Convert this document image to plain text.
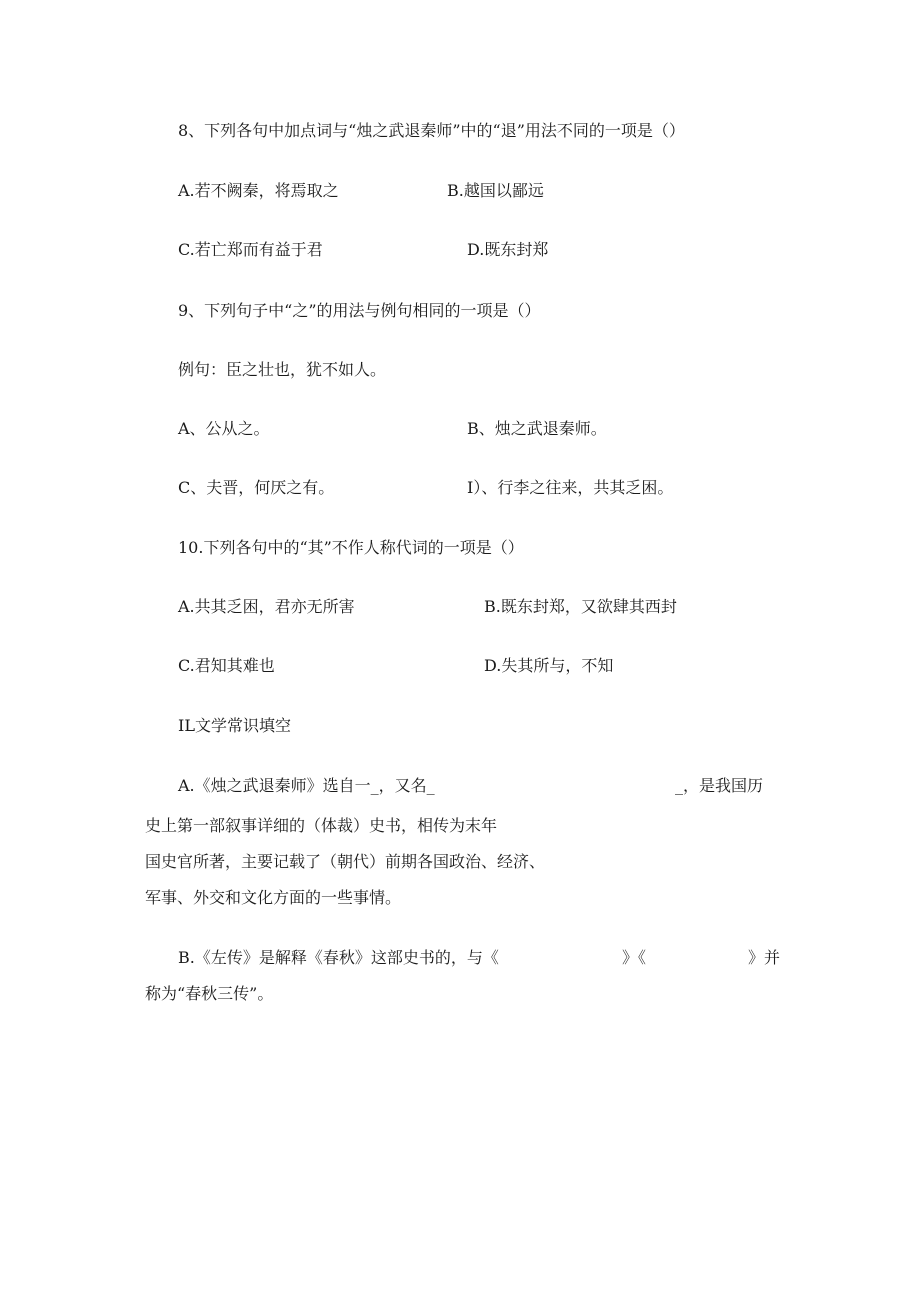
8、下列各句中加点词与“烛之武退秦师”中的“退”用法不同的一项是（）
A.若不阙秦，将焉取之	B.越国以鄙远
C.若亡郑而有益于君	D.既东封郑
9、下列句子中“之”的用法与例句相同的一项是（）
例句：臣之壮也，犹不如人。
A、公从之。	B、烛之武退秦师。
C、夫晋，何厌之有。	I）、行李之往来，共其乏困。
10.下列各句中的“其”不作人称代词的一项是（）
A.共其乏困，君亦无所害	B.既东封郑，又欲肆其西封
C.君知其难也	D.失其所与，不知
IL文学常识填空
A.《烛之武退秦师》选自一_，又名_	_，是我国历
史上第一部叙事详细的（体裁）史书，相传为末年
国史官所著，主要记载了（朝代）前期各国政治、经济、
军事、外交和文化方面的一些事情。
B.《左传》是解释《春秋》这部史书的，与《	》《	》并
称为“春秋三传”。
